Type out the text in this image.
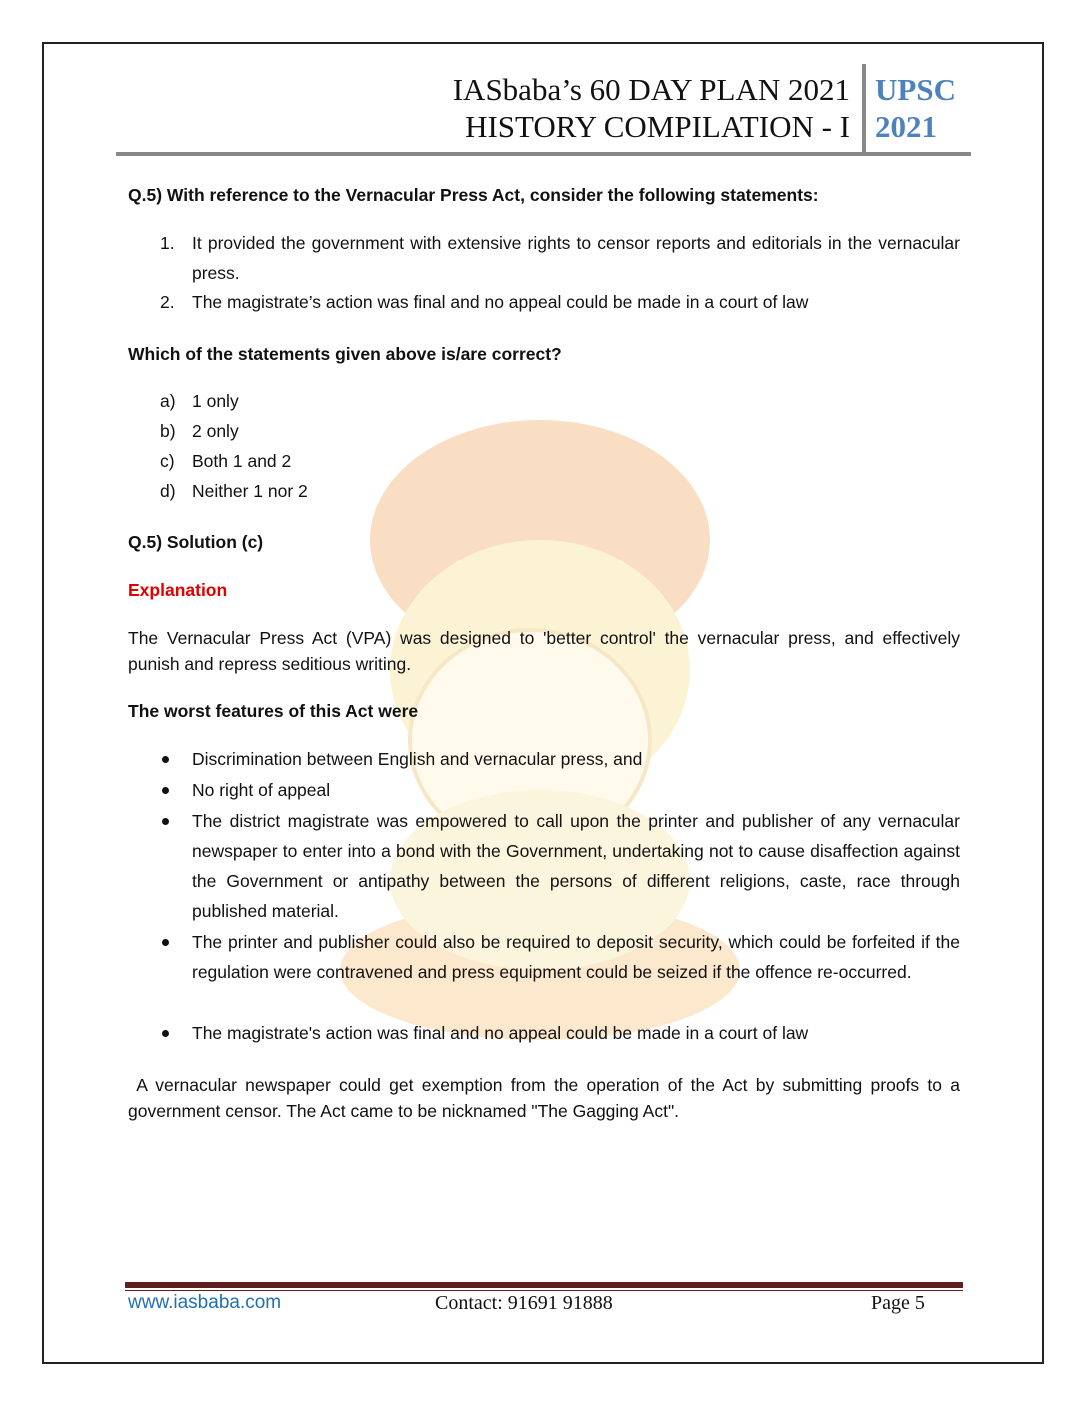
IASbaba’s 60 DAY PLAN 2021
HISTORY COMPILATION - I
UPSC
2021
Q.5) With reference to the Vernacular Press Act, consider the following statements:
1. It provided the government with extensive rights to censor reports and editorials in the vernacular press.
2. The magistrate’s action was final and no appeal could be made in a court of law
Which of the statements given above is/are correct?
a) 1 only
b) 2 only
c) Both 1 and 2
d) Neither 1 nor 2
Q.5) Solution (c)
Explanation
The Vernacular Press Act (VPA) was designed to 'better control' the vernacular press, and effectively punish and repress seditious writing.
The worst features of this Act were
Discrimination between English and vernacular press, and
No right of appeal
The district magistrate was empowered to call upon the printer and publisher of any vernacular newspaper to enter into a bond with the Government, undertaking not to cause disaffection against the Government or antipathy between the persons of different religions, caste, race through published material.
The printer and publisher could also be required to deposit security, which could be forfeited if the regulation were contravened and press equipment could be seized if the offence re-occurred.
The magistrate's action was final and no appeal could be made in a court of law
A vernacular newspaper could get exemption from the operation of the Act by submitting proofs to a government censor. The Act came to be nicknamed "The Gagging Act".
www.iasbaba.com	Contact: 91691 91888	Page 5
